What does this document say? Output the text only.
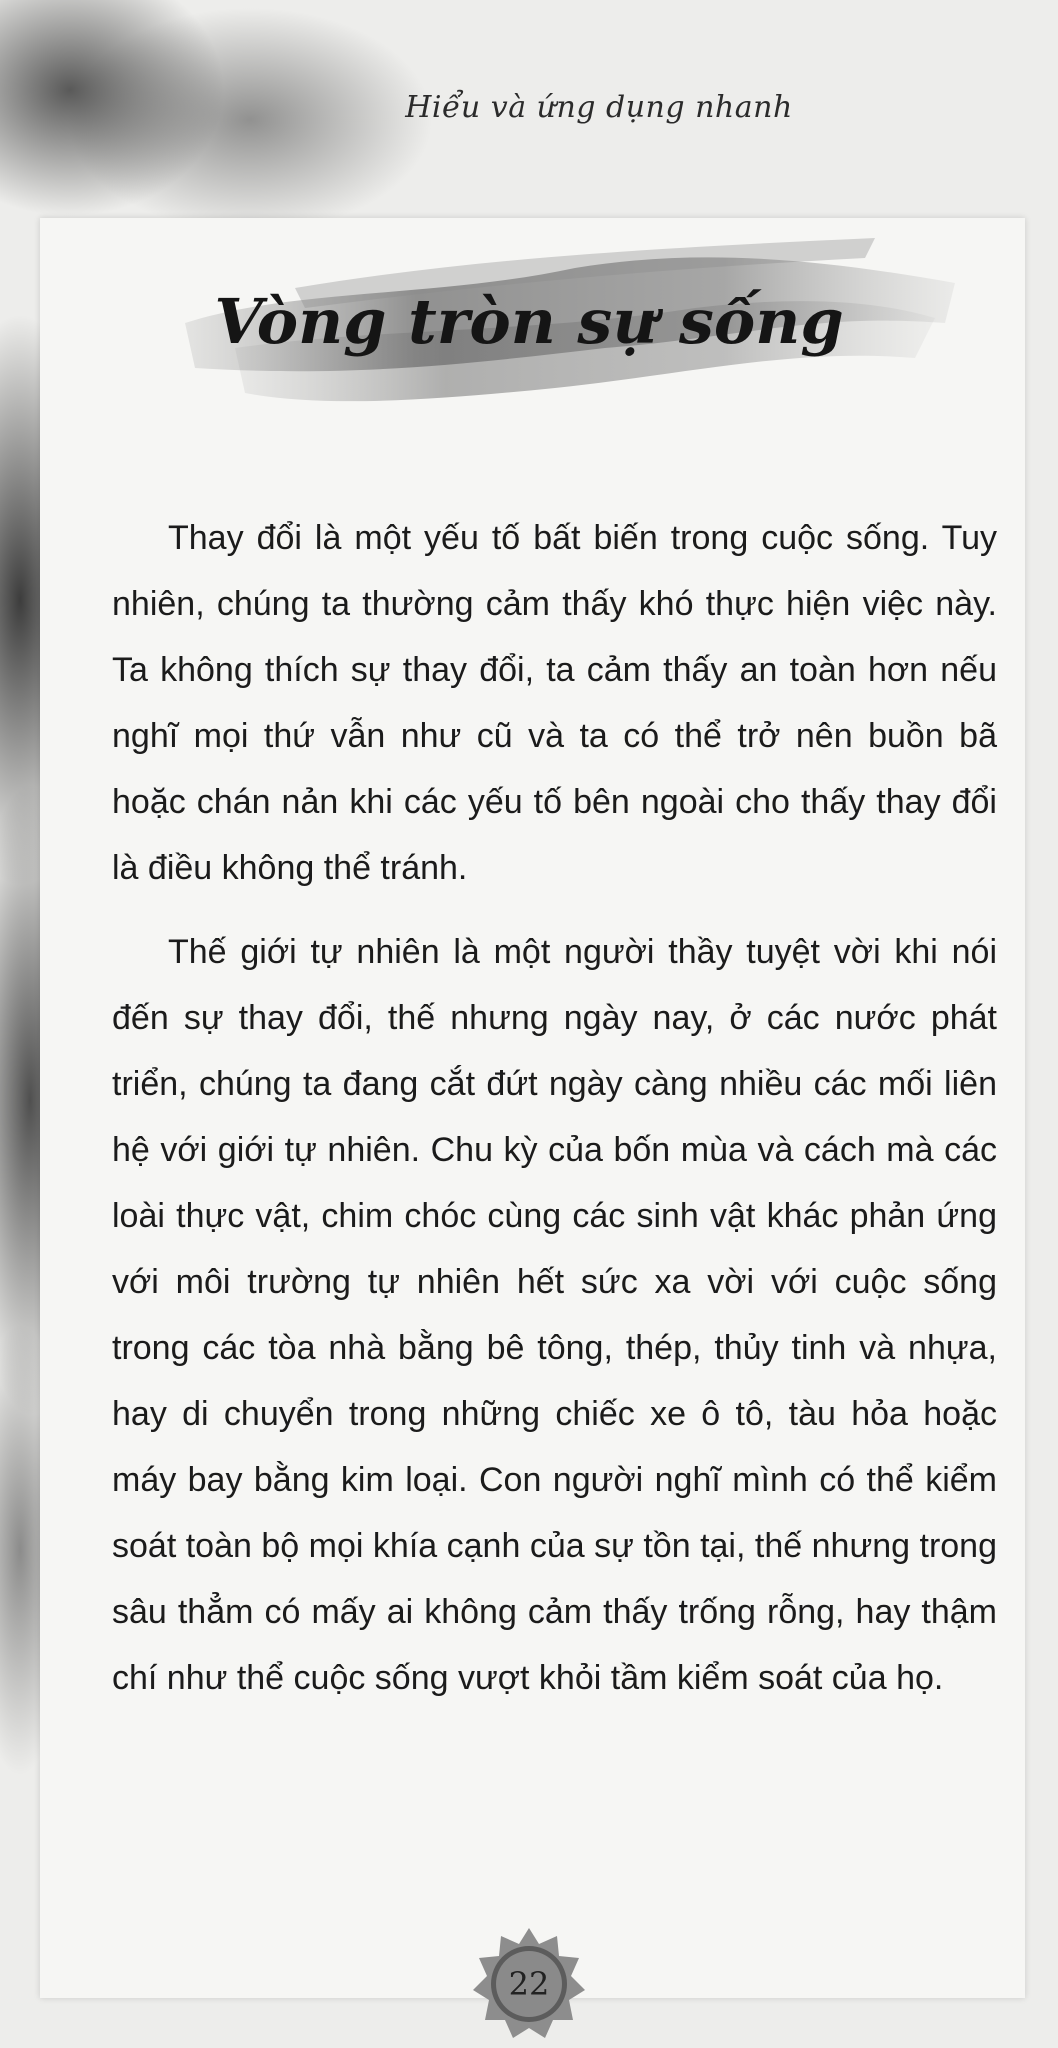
Hiểu và ứng dụng nhanh
Vòng tròn sự sống

Thay đổi là một yếu tố bất biến trong cuộc sống. Tuy nhiên, chúng ta thường cảm thấy khó thực hiện việc này. Ta không thích sự thay đổi, ta cảm thấy an toàn hơn nếu nghĩ mọi thứ vẫn như cũ và ta có thể trở nên buồn bã hoặc chán nản khi các yếu tố bên ngoài cho thấy thay đổi là điều không thể tránh.

Thế giới tự nhiên là một người thầy tuyệt vời khi nói đến sự thay đổi, thế nhưng ngày nay, ở các nước phát triển, chúng ta đang cắt đứt ngày càng nhiều các mối liên hệ với giới tự nhiên. Chu kỳ của bốn mùa và cách mà các loài thực vật, chim chóc cùng các sinh vật khác phản ứng với môi trường tự nhiên hết sức xa vời với cuộc sống trong các tòa nhà bằng bê tông, thép, thủy tinh và nhựa, hay di chuyển trong những chiếc xe ô tô, tàu hỏa hoặc máy bay bằng kim loại. Con người nghĩ mình có thể kiểm soát toàn bộ mọi khía cạnh của sự tồn tại, thế nhưng trong sâu thẳm có mấy ai không cảm thấy trống rỗng, hay thậm chí như thể cuộc sống vượt khỏi tầm kiểm soát của họ.

22
